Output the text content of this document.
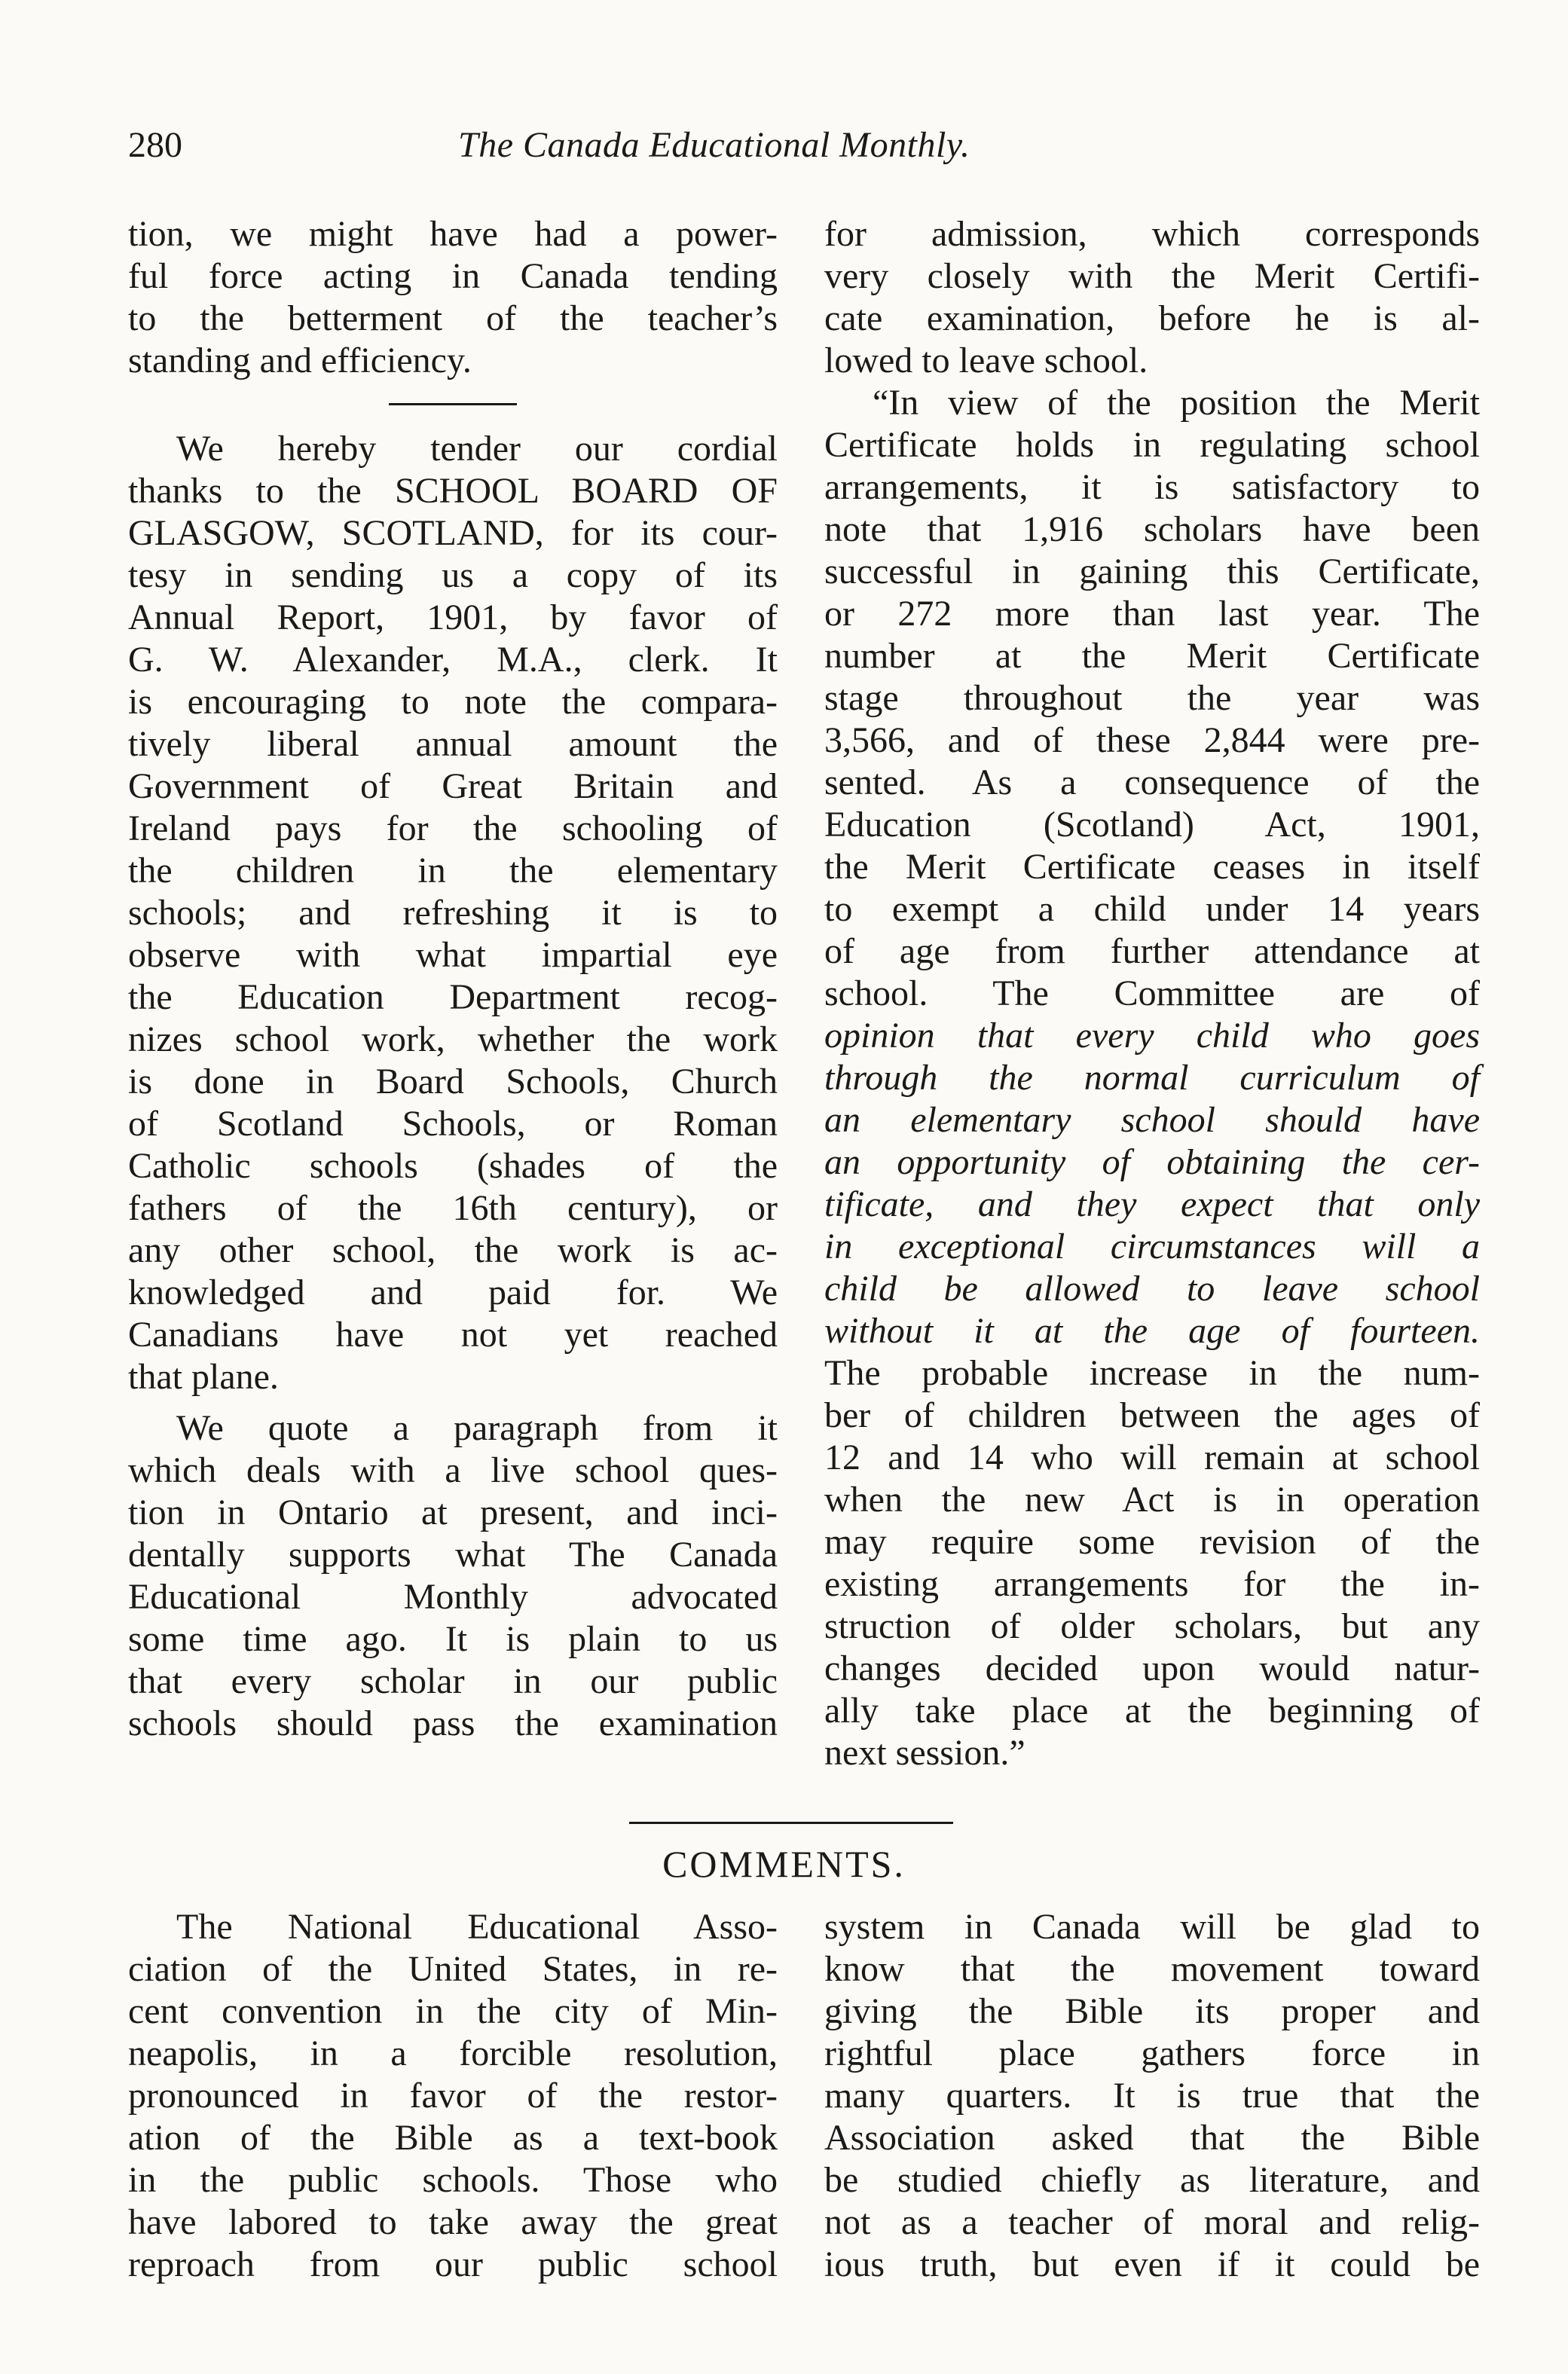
280	The Canada Educational Monthly.
tion, we might have had a power-
ful force acting in Canada tending
to the betterment of the teacher’s
standing and efficiency.
We hereby tender our cordial
thanks to the SCHOOL BOARD OF
GLASGOW, SCOTLAND, for its cour-
tesy in sending us a copy of its
Annual Report, 1901, by favor of
G. W. Alexander, M.A., clerk. It
is encouraging to note the compara-
tively liberal annual amount the
Government of Great Britain and
Ireland pays for the schooling of
the children in the elementary
schools; and refreshing it is to
observe with what impartial eye
the Education Department recog-
nizes school work, whether the work
is done in Board Schools, Church
of Scotland Schools, or Roman
Catholic schools (shades of the
fathers of the 16th century), or
any other school, the work is ac-
knowledged and paid for. We
Canadians have not yet reached
that plane.
We quote a paragraph from it
which deals with a live school ques-
tion in Ontario at present, and inci-
dentally supports what The Canada
Educational Monthly advocated
some time ago. It is plain to us
that every scholar in our public
schools should pass the examination
for admission, which corresponds
very closely with the Merit Certifi-
cate examination, before he is al-
lowed to leave school.
“In view of the position the Merit
Certificate holds in regulating school
arrangements, it is satisfactory to
note that 1,916 scholars have been
successful in gaining this Certificate,
or 272 more than last year. The
number at the Merit Certificate
stage throughout the year was
3,566, and of these 2,844 were pre-
sented. As a consequence of the
Education (Scotland) Act, 1901,
the Merit Certificate ceases in itself
to exempt a child under 14 years
of age from further attendance at
school. The Committee are of
opinion that every child who goes
through the normal curriculum of
an elementary school should have
an opportunity of obtaining the cer-
tificate, and they expect that only
in exceptional circumstances will a
child be allowed to leave school
without it at the age of fourteen.
The probable increase in the num-
ber of children between the ages of
12 and 14 who will remain at school
when the new Act is in operation
may require some revision of the
existing arrangements for the in-
struction of older scholars, but any
changes decided upon would natur-
ally take place at the beginning of
next session.”
COMMENTS.
The National Educational Asso-
ciation of the United States, in re-
cent convention in the city of Min-
neapolis, in a forcible resolution,
pronounced in favor of the restor-
ation of the Bible as a text-book
in the public schools. Those who
have labored to take away the great
reproach from our public school
system in Canada will be glad to
know that the movement toward
giving the Bible its proper and
rightful place gathers force in
many quarters. It is true that the
Association asked that the Bible
be studied chiefly as literature, and
not as a teacher of moral and relig-
ious truth, but even if it could be
